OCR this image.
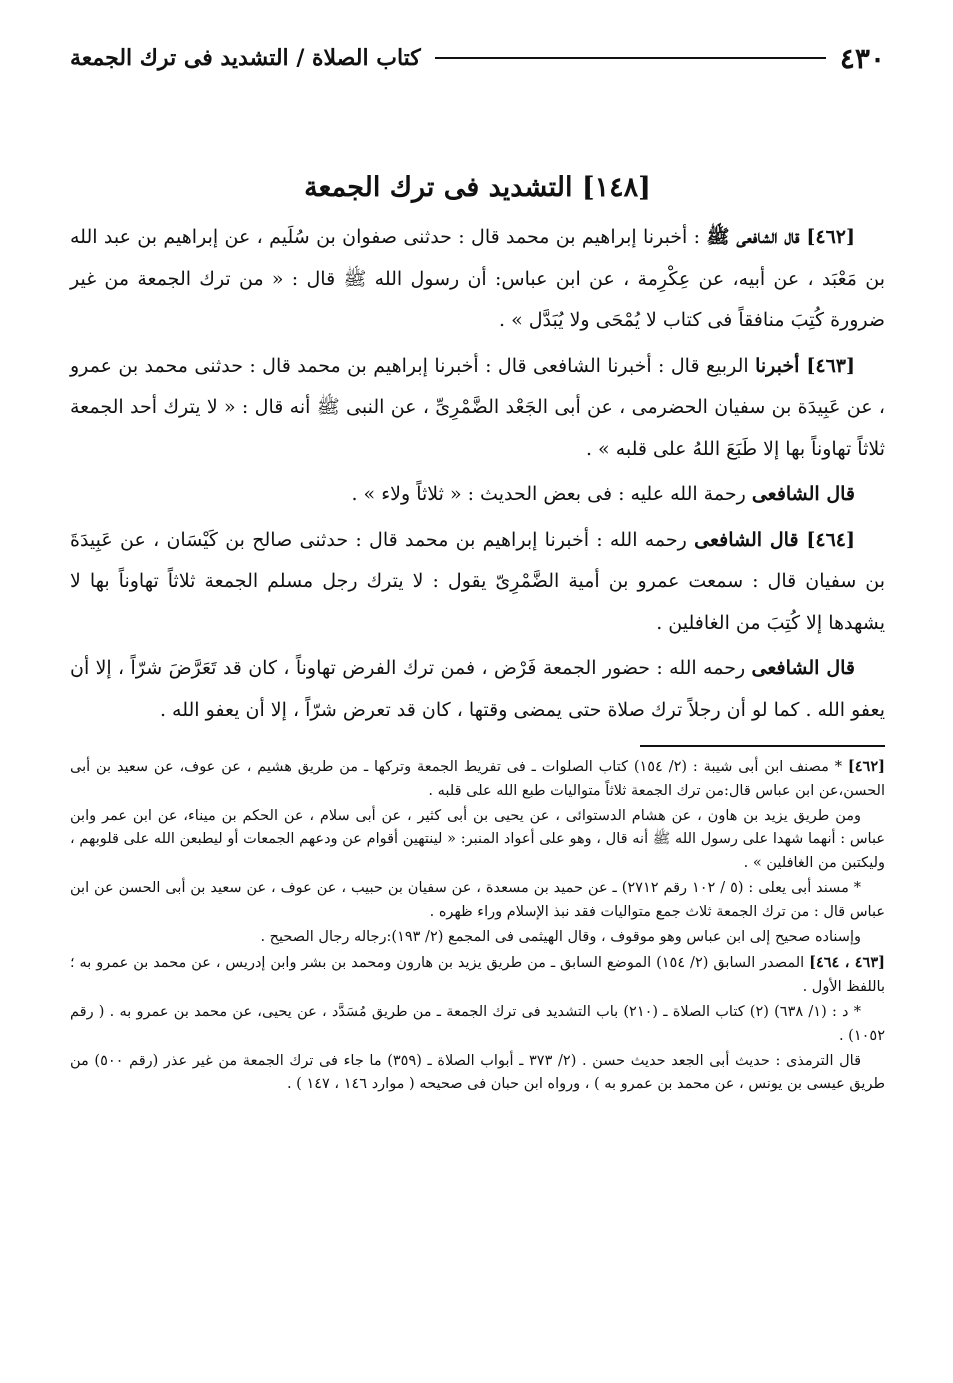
٤٣٠
كتاب الصلاة / التشديد فى ترك الجمعة
[١٤٨] التشديد فى ترك الجمعة

[٤٦٢] قال الشافعى ﷺ : أخبرنا إبراهيم بن محمد قال : حدثنى صفوان بن سُلَيم ، عن إبراهيم بن عبد الله بن مَعْبَد ، عن أبيه، عن عِكْرِمة ، عن ابن عباس: أن رسول الله ﷺ قال : « من ترك الجمعة من غير ضرورة كُتِبَ منافقاً فى كتاب لا يُمْحَى ولا يُبَدَّل » .

[٤٦٣] أخبرنا الربيع قال : أخبرنا الشافعى قال : أخبرنا إبراهيم بن محمد قال : حدثنى محمد بن عمرو ، عن عَبِيدَة بن سفيان الحضرمى ، عن أبى الجَعْد الضَّمْرِىِّ ، عن النبى ﷺ أنه قال : « لا يترك أحد الجمعة ثلاثاً تهاوناً بها إلا طَبَعَ اللهُ على قلبه » .

قال الشافعى رحمة الله عليه : فى بعض الحديث : « ثلاثاً ولاء » .

[٤٦٤] قال الشافعى رحمه الله : أخبرنا إبراهيم بن محمد قال : حدثنى صالح بن كَيْسَان ، عن عَبِيدَةَ بن سفيان قال : سمعت عمرو بن أمية الضَّمْرِىّ يقول : لا يترك رجل مسلم الجمعة ثلاثاً تهاوناً بها لا يشهدها إلا كُتِبَ من الغافلين .

قال الشافعى رحمه الله : حضور الجمعة فَرْض ، فمن ترك الفرض تهاوناً ، كان قد تَعَرَّضَ شرّاً ، إلا أن يعفو الله . كما لو أن رجلاً ترك صلاة حتى يمضى وقتها ، كان قد تعرض شرّاً ، إلا أن يعفو الله .

[٤٦٢] * مصنف ابن أبى شيبة : (٢/ ١٥٤) كتاب الصلوات ـ فى تفريط الجمعة وتركها ـ من طريق هشيم ، عن عوف، عن سعيد بن أبى الحسن،عن ابن عباس قال:من ترك الجمعة ثلاثاً متواليات طبع الله على قلبه .

ومن طريق يزيد بن هاون ، عن هشام الدستوائى ، عن يحيى بن أبى كثير ، عن أبى سلام ، عن الحكم بن ميناء، عن ابن عمر وابن عباس : أنهما شهدا على رسول الله ﷺ أنه قال ، وهو على أعواد المنبر: « لينتهين أقوام عن ودعهم الجمعات أو ليطبعن الله على قلوبهم ، وليكتبن من الغافلين » .

* مسند أبى يعلى : (٥ / ١٠٢ رقم ٢٧١٢) ـ عن حميد بن مسعدة ، عن سفيان بن حبيب ، عن عوف ، عن سعيد بن أبى الحسن عن ابن عباس قال : من ترك الجمعة ثلاث جمع متواليات فقد نبذ الإسلام وراء ظهره .

وإسناده صحيح إلى ابن عباس وهو موقوف ، وقال الهيثمى فى المجمع (٢/ ١٩٣):رجاله رجال الصحيح .

[٤٦٣ ، ٤٦٤] المصدر السابق (٢/ ١٥٤) الموضع السابق ـ من طريق يزيد بن هارون ومحمد بن بشر وابن إدريس ، عن محمد بن عمرو به ؛ باللفظ الأول .

* د : (١/ ٦٣٨) (٢) كتاب الصلاة ـ (٢١٠) باب التشديد فى ترك الجمعة ـ من طريق مُسَدَّد ، عن يحيى، عن محمد بن عمرو به . ( رقم ١٠٥٢) .

قال الترمذى : حديث أبى الجعد حديث حسن . (٢/ ٣٧٣ ـ أبواب الصلاة ـ (٣٥٩) ما جاء فى ترك الجمعة من غير عذر (رقم ٥٠٠) من طريق عيسى بن يونس ، عن محمد بن عمرو به ) ، ورواه ابن حبان فى صحيحه ( موارد ١٤٦ ، ١٤٧ ) .
